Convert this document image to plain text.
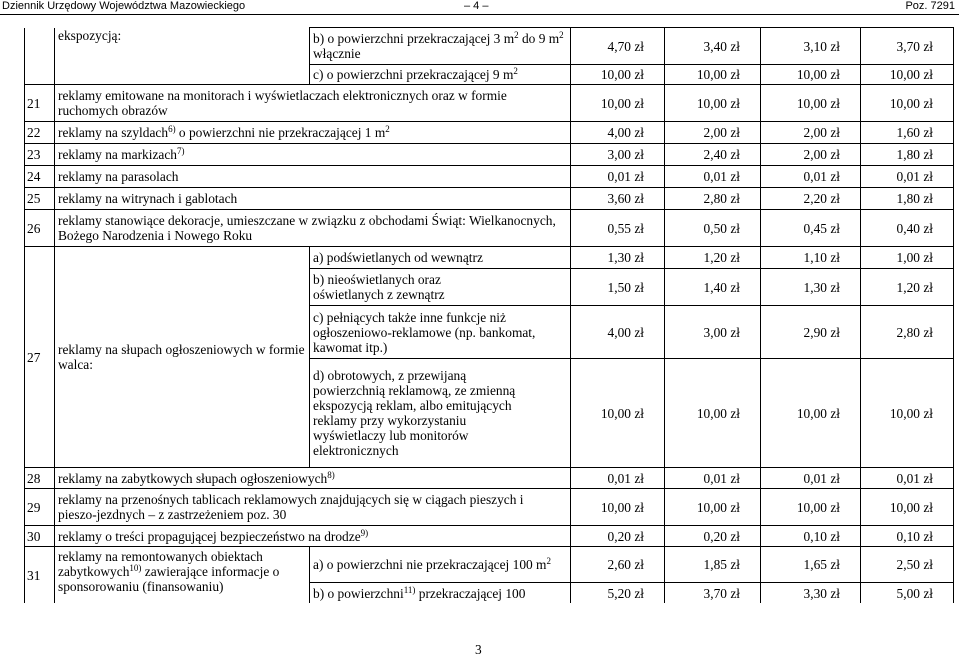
Dziennik Urzędowy Województwa Mazowieckiego	– 4 –	Poz. 7291
	ekspozycją:	b) o powierzchni przekraczającej 3 $m^2$ do 9 $m^2$ włącznie	4,70 zł	3,40 zł	3,10 zł	3,70 zł
		c) o powierzchni przekraczającej 9 $m^2$	10,00 zł	10,00 zł	10,00 zł	10,00 zł
21	reklamy emitowane na monitorach i wyświetlaczach elektronicznych oraz w formie ruchomych obrazów		10,00 zł	10,00 zł	10,00 zł	10,00 zł
22	reklamy na szyldach$^{6)}$ o powierzchni nie przekraczającej 1 $m^2$		4,00 zł	2,00 zł	2,00 zł	1,60 zł
23	reklamy na markizach$^{7)}$		3,00 zł	2,40 zł	2,00 zł	1,80 zł
24	reklamy na parasolach		0,01 zł	0,01 zł	0,01 zł	0,01 zł
25	reklamy na witrynach i gablotach		3,60 zł	2,80 zł	2,20 zł	1,80 zł
26	reklamy stanowiące dekoracje, umieszczane w związku z obchodami Świąt: Wielkanocnych, Bożego Narodzenia i Nowego Roku		0,55 zł	0,50 zł	0,45 zł	0,40 zł
27	reklamy na słupach ogłoszeniowych w formie walca:	a) podświetlanych od wewnątrz	1,30 zł	1,20 zł	1,10 zł	1,00 zł
		b) nieoświetlanych oraz oświetlanych z zewnątrz	1,50 zł	1,40 zł	1,30 zł	1,20 zł
		c) pełniących także inne funkcje niż ogłoszeniowo-reklamowe (np. bankomat, kawomat itp.)	4,00 zł	3,00 zł	2,90 zł	2,80 zł
		d) obrotowych, z przewijaną powierzchnią reklamową, ze zmienną ekspozycją reklam, albo emitujących reklamy przy wykorzystaniu wyświetlaczy lub monitorów elektronicznych	10,00 zł	10,00 zł	10,00 zł	10,00 zł
28	reklamy na zabytkowych słupach ogłoszeniowych$^{8)}$		0,01 zł	0,01 zł	0,01 zł	0,01 zł
29	reklamy na przenośnych tablicach reklamowych znajdujących się w ciągach pieszych i pieszo-jezdnych – z zastrzeżeniem poz. 30		10,00 zł	10,00 zł	10,00 zł	10,00 zł
30	reklamy o treści propagującej bezpieczeństwo na drodze$^{9)}$		0,20 zł	0,20 zł	0,10 zł	0,10 zł
31	reklamy na remontowanych obiektach zabytkowych$^{10)}$ zawierające informacje o sponsorowaniu (finansowaniu)	a) o powierzchni nie przekraczającej 100 $m^2$	2,60 zł	1,85 zł	1,65 zł	2,50 zł
		b) o powierzchni$^{11)}$ przekraczającej 100	5,20 zł	3,70 zł	3,30 zł	5,00 zł
3
